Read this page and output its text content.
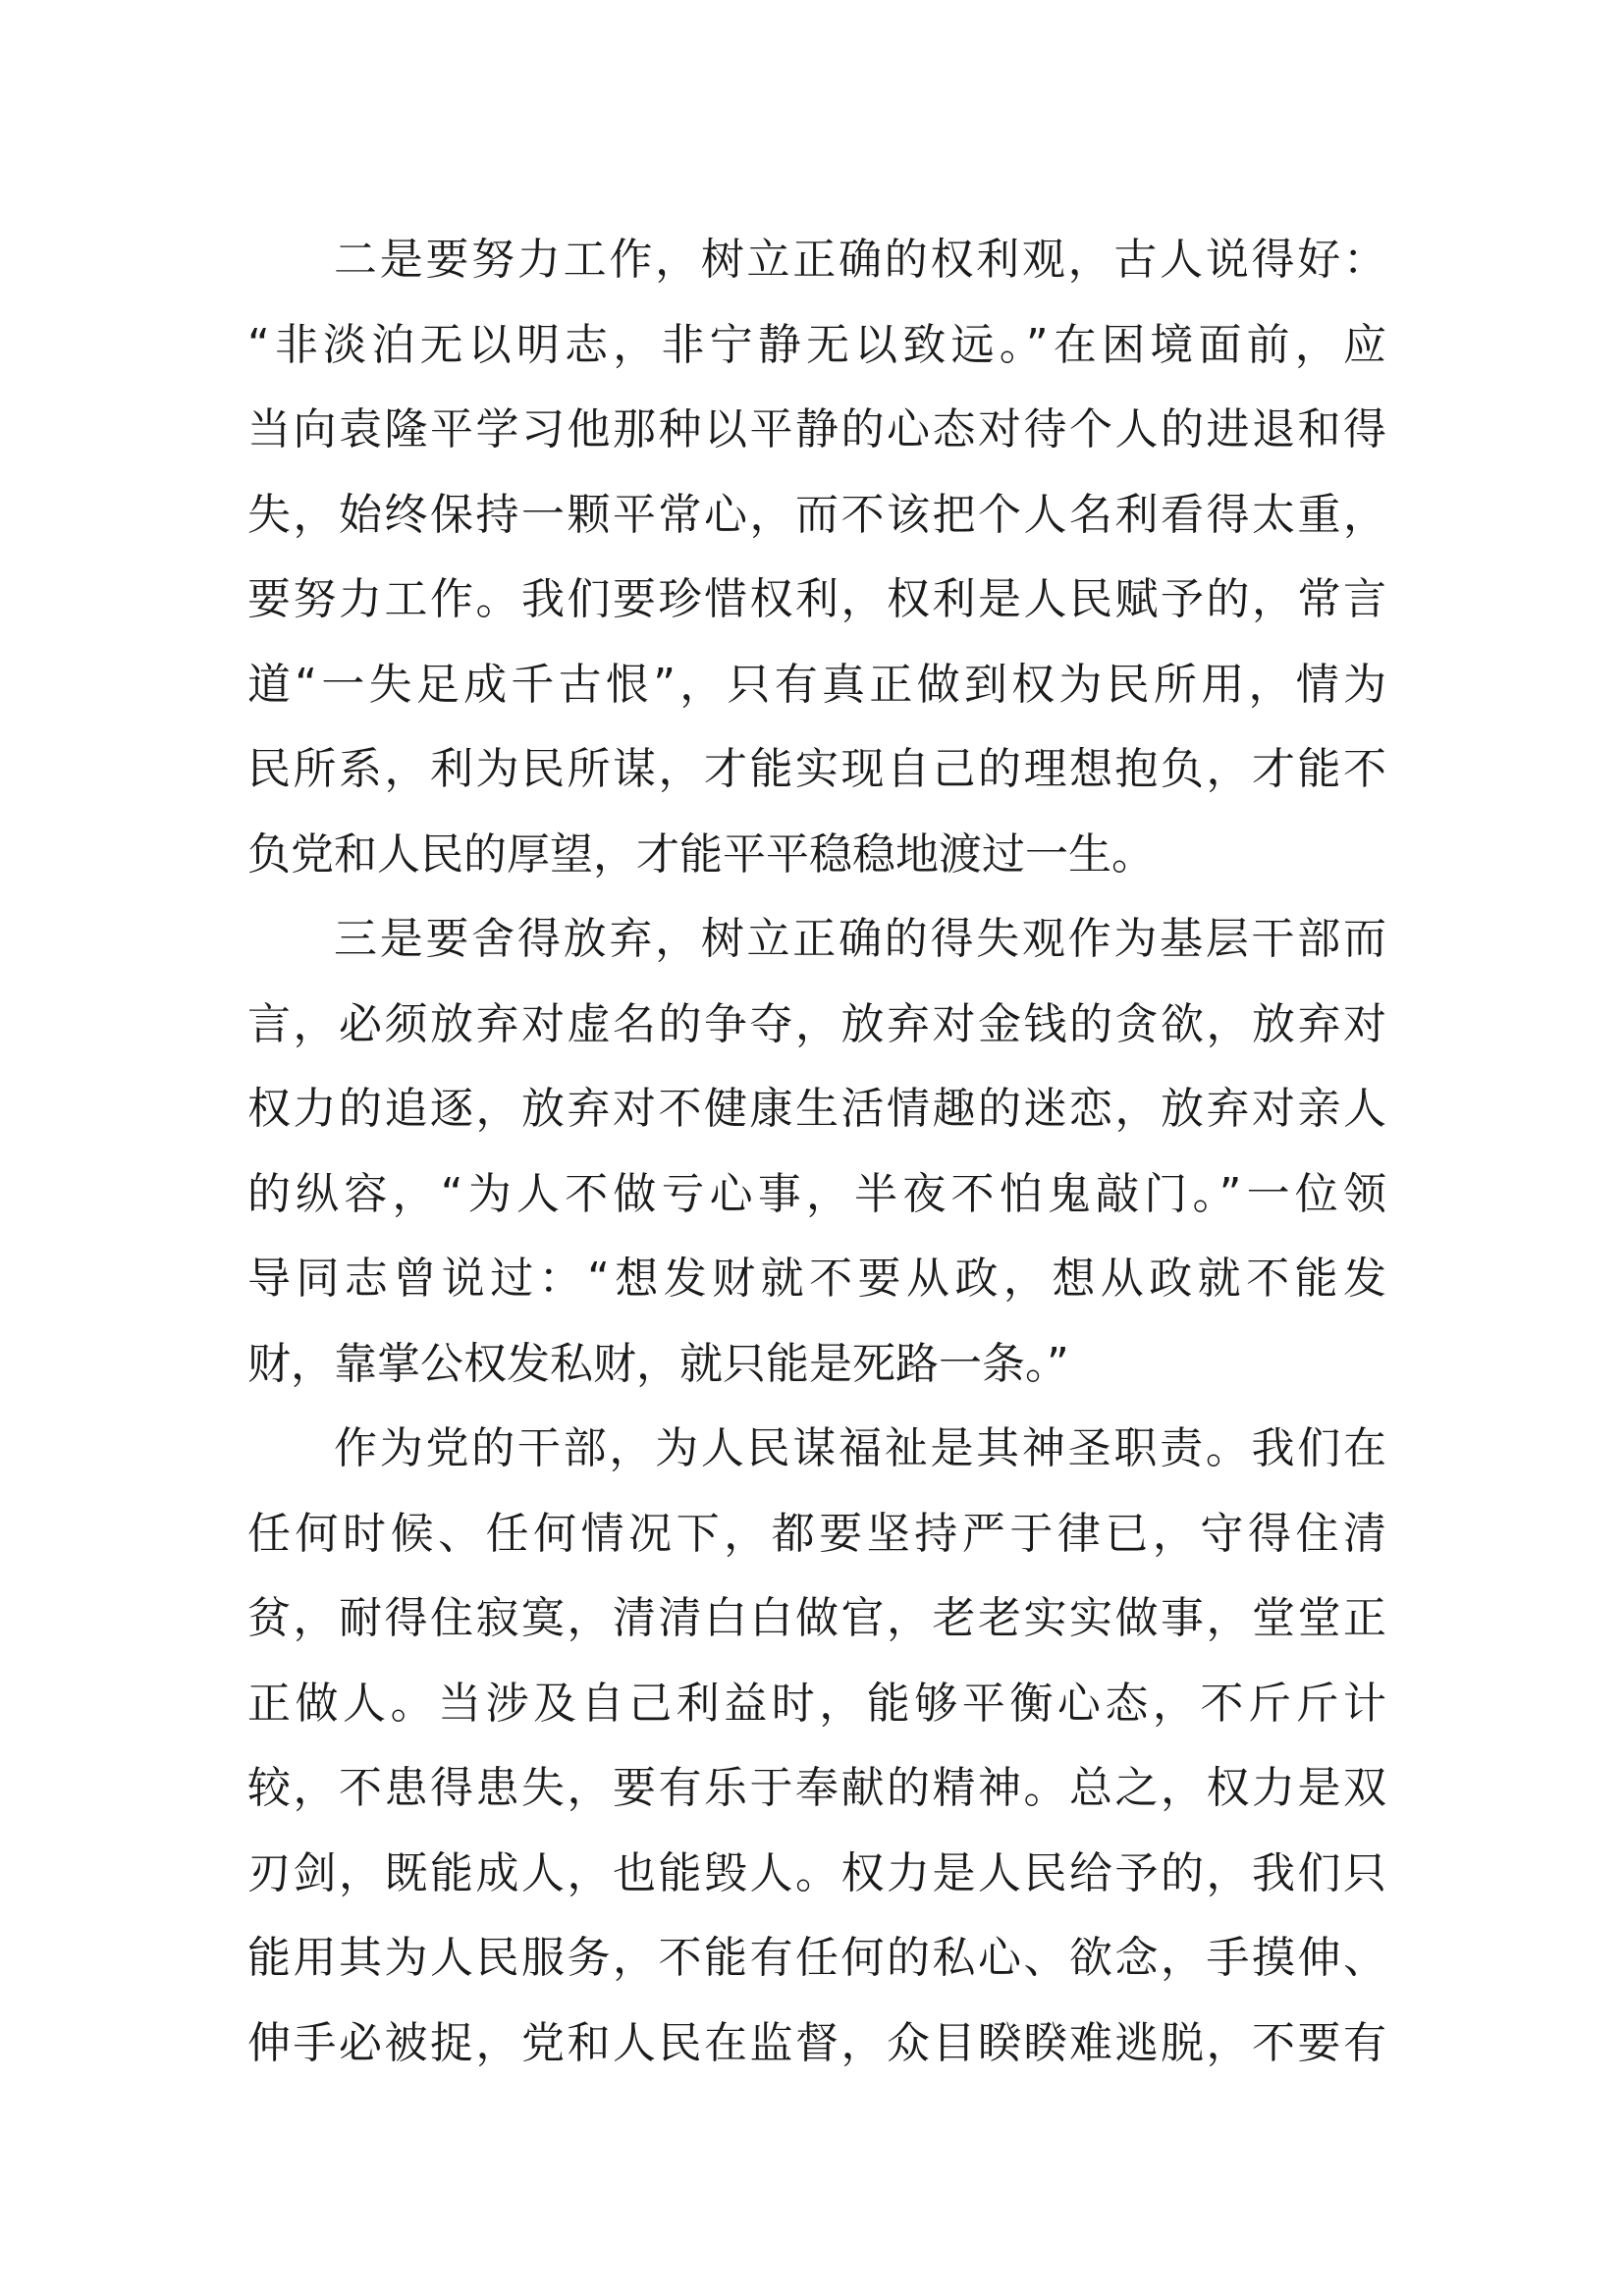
二是要努力工作，树立正确的权利观，古人说得好：
“非淡泊无以明志，非宁静无以致远。”在困境面前，应
当向袁隆平学习他那种以平静的心态对待个人的进退和得
失，始终保持一颗平常心，而不该把个人名利看得太重，
要努力工作。我们要珍惜权利，权利是人民赋予的，常言
道“一失足成千古恨”，只有真正做到权为民所用，情为
民所系，利为民所谋，才能实现自己的理想抱负，才能不
负党和人民的厚望，才能平平稳稳地渡过一生。
三是要舍得放弃，树立正确的得失观作为基层干部而
言，必须放弃对虚名的争夺，放弃对金钱的贪欲，放弃对
权力的追逐，放弃对不健康生活情趣的迷恋，放弃对亲人
的纵容，“为人不做亏心事，半夜不怕鬼敲门。”一位领
导同志曾说过：“想发财就不要从政，想从政就不能发
财，靠掌公权发私财，就只能是死路一条。”
作为党的干部，为人民谋福祉是其神圣职责。我们在
任何时候、任何情况下，都要坚持严于律已，守得住清
贫，耐得住寂寞，清清白白做官，老老实实做事，堂堂正
正做人。当涉及自己利益时，能够平衡心态，不斤斤计
较，不患得患失，要有乐于奉献的精神。总之，权力是双
刃剑，既能成人，也能毁人。权力是人民给予的，我们只
能用其为人民服务，不能有任何的私心、欲念，手摸伸、
伸手必被捉，党和人民在监督，众目睽睽难逃脱，不要有
